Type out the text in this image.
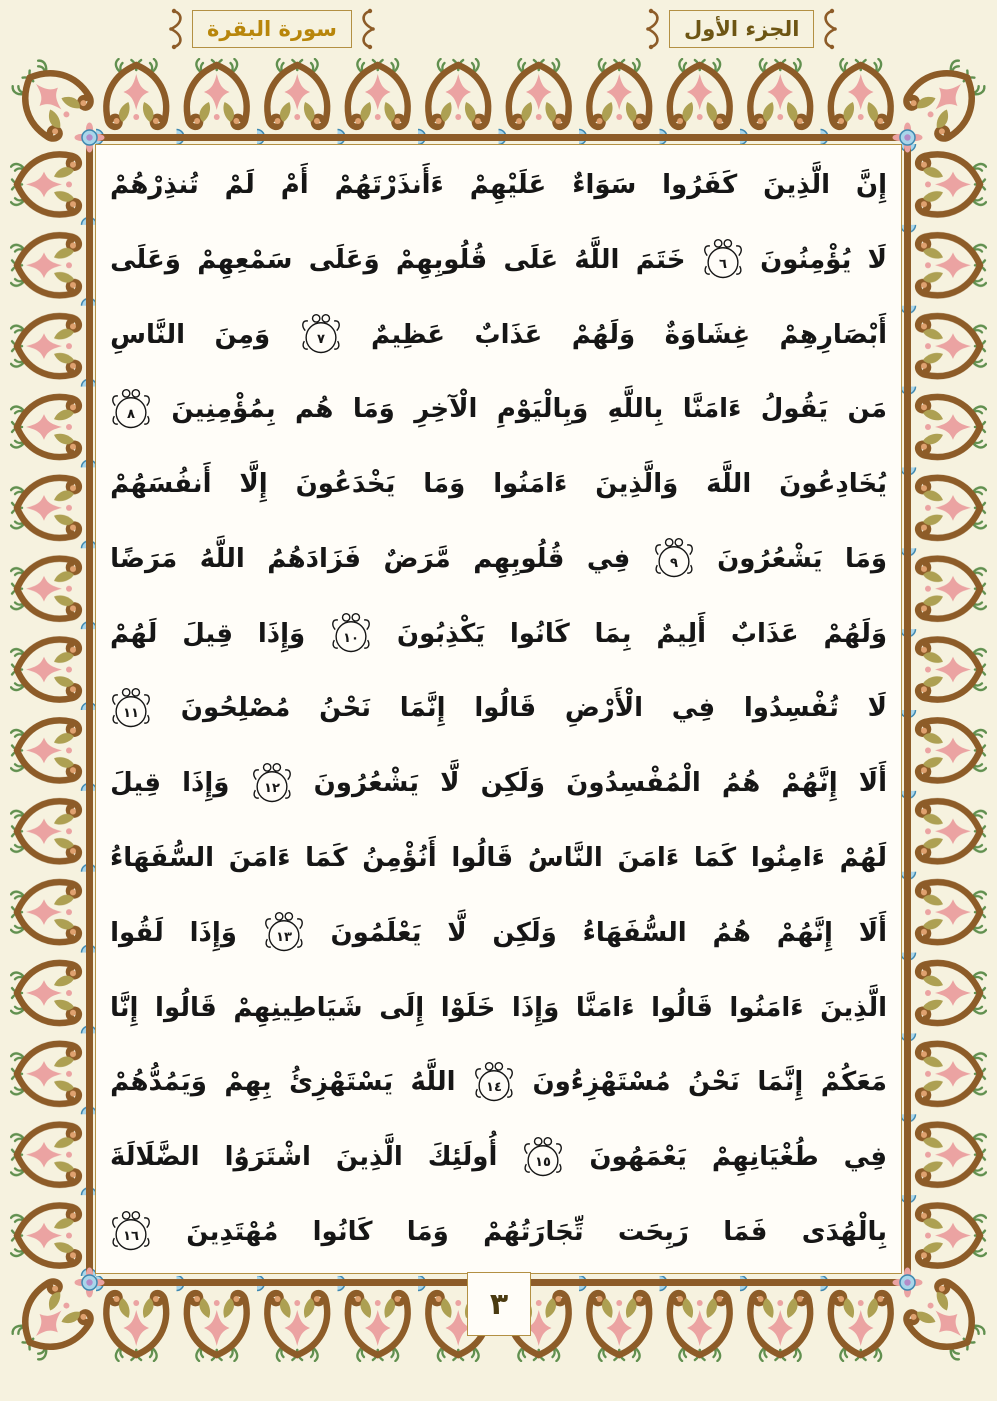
سورة البقرة	الجزء الأول
إِنَّ
الَّذِينَ
كَفَرُوا
سَوَاءٌ
عَلَيْهِمْ
ءَأَنذَرْتَهُمْ
أَمْ
لَمْ
تُنذِرْهُمْ
لَا
يُؤْمِنُونَ
٦
خَتَمَ
اللَّهُ
عَلَى
قُلُوبِهِمْ
وَعَلَى
سَمْعِهِمْ
وَعَلَى
أَبْصَارِهِمْ
غِشَاوَةٌ
وَلَهُمْ
عَذَابٌ
عَظِيمٌ
٧
وَمِنَ
النَّاسِ
مَن
يَقُولُ
ءَامَنَّا
بِاللَّهِ
وَبِالْيَوْمِ
الْآخِرِ
وَمَا
هُم
بِمُؤْمِنِينَ
٨
يُخَادِعُونَ
اللَّهَ
وَالَّذِينَ
ءَامَنُوا
وَمَا
يَخْدَعُونَ
إِلَّا
أَنفُسَهُمْ
وَمَا
يَشْعُرُونَ
٩
فِي
قُلُوبِهِم
مَّرَضٌ
فَزَادَهُمُ
اللَّهُ
مَرَضًا
وَلَهُمْ
عَذَابٌ
أَلِيمٌ
بِمَا
كَانُوا
يَكْذِبُونَ
١٠
وَإِذَا
قِيلَ
لَهُمْ
لَا
تُفْسِدُوا
فِي
الْأَرْضِ
قَالُوا
إِنَّمَا
نَحْنُ
مُصْلِحُونَ
١١
أَلَا
إِنَّهُمْ
هُمُ
الْمُفْسِدُونَ
وَلَكِن
لَّا
يَشْعُرُونَ
١٢
وَإِذَا
قِيلَ
لَهُمْ
ءَامِنُوا
كَمَا
ءَامَنَ
النَّاسُ
قَالُوا
أَنُؤْمِنُ
كَمَا
ءَامَنَ
السُّفَهَاءُ
أَلَا
إِنَّهُمْ
هُمُ
السُّفَهَاءُ
وَلَكِن
لَّا
يَعْلَمُونَ
١٣
وَإِذَا
لَقُوا
الَّذِينَ
ءَامَنُوا
قَالُوا
ءَامَنَّا
وَإِذَا
خَلَوْا
إِلَى
شَيَاطِينِهِمْ
قَالُوا
إِنَّا
مَعَكُمْ
إِنَّمَا
نَحْنُ
مُسْتَهْزِءُونَ
١٤
اللَّهُ
يَسْتَهْزِئُ
بِهِمْ
وَيَمُدُّهُمْ
فِي
طُغْيَانِهِمْ
يَعْمَهُونَ
١٥
أُولَئِكَ
الَّذِينَ
اشْتَرَوُا
الضَّلَالَةَ
بِالْهُدَى
فَمَا
رَبِحَت
تِّجَارَتُهُمْ
وَمَا
كَانُوا
مُهْتَدِينَ
١٦
٣
